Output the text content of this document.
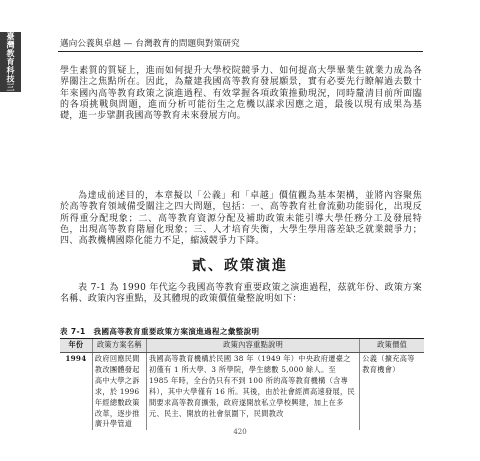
臺灣教育科技三	邁向公義與卓越 — 台灣教育的問題與對策研究
學生素質的質疑上，進而如何提升大學校院競爭力、如何提高大學畢業生就業力成為各界關注之焦點所在。因此，為釐建我國高等教育發展願景，實有必要先行瞭解過去數十年來國內高等教育政策之演進過程、有效掌握各項政策推動現況，同時釐清目前所面臨的各項挑戰與問題，進而分析可能衍生之危機以謀求因應之道，最後以現有成果為基礎，進一步擘劃我國高等教育未來發展方向。
為達成前述目的，本章擬以「公義」和「卓越」價值觀為基本架構，並將內容聚焦於高等教育領域備受關注之四大問題，包括：一、高等教育社會流動功能弱化，出現反所得重分配現象；二、高等教育資源分配及補助政策未能引導大學任務分工及發展特色，出現高等教育階層化現象；三、人才培育失衡，大學生學用落差缺乏就業競爭力；四、高教機構國際化能力不足，縮減競爭力下降。
貳、政策演進
表 7-1 為 1990 年代迄今我國高等教育重要政策之演進過程，茲就年份、政策方案名稱、政策內容重點，及其體現的政策價值彙整說明如下：
表 7-1　我國高等教育重要政策方案演進過程之彙整說明
年份	政策方案名稱	政策內容重點說明	政策價值
1994	政府回應民間教改團體發起高中大學之訴求，於 1996 年經總數政策改革，逐步推廣升學管道	我國高等教育機構於民國 38 年（1949 年）中央政府遷臺之初僅有 1 所大學、3 所學院，學生總數 5,000 餘人。至 1985 年時，全台仍只有不到 100 所的高等教育機構（含專科），其中大學僅有 16 所。其後，由於社會經濟高速發展，民間要求高等教育擴張，政府遂開放私立學校興建，加上在多元、民主、開放的社會氛圍下，民間教改	公義（擴充高等教育機會）
420
